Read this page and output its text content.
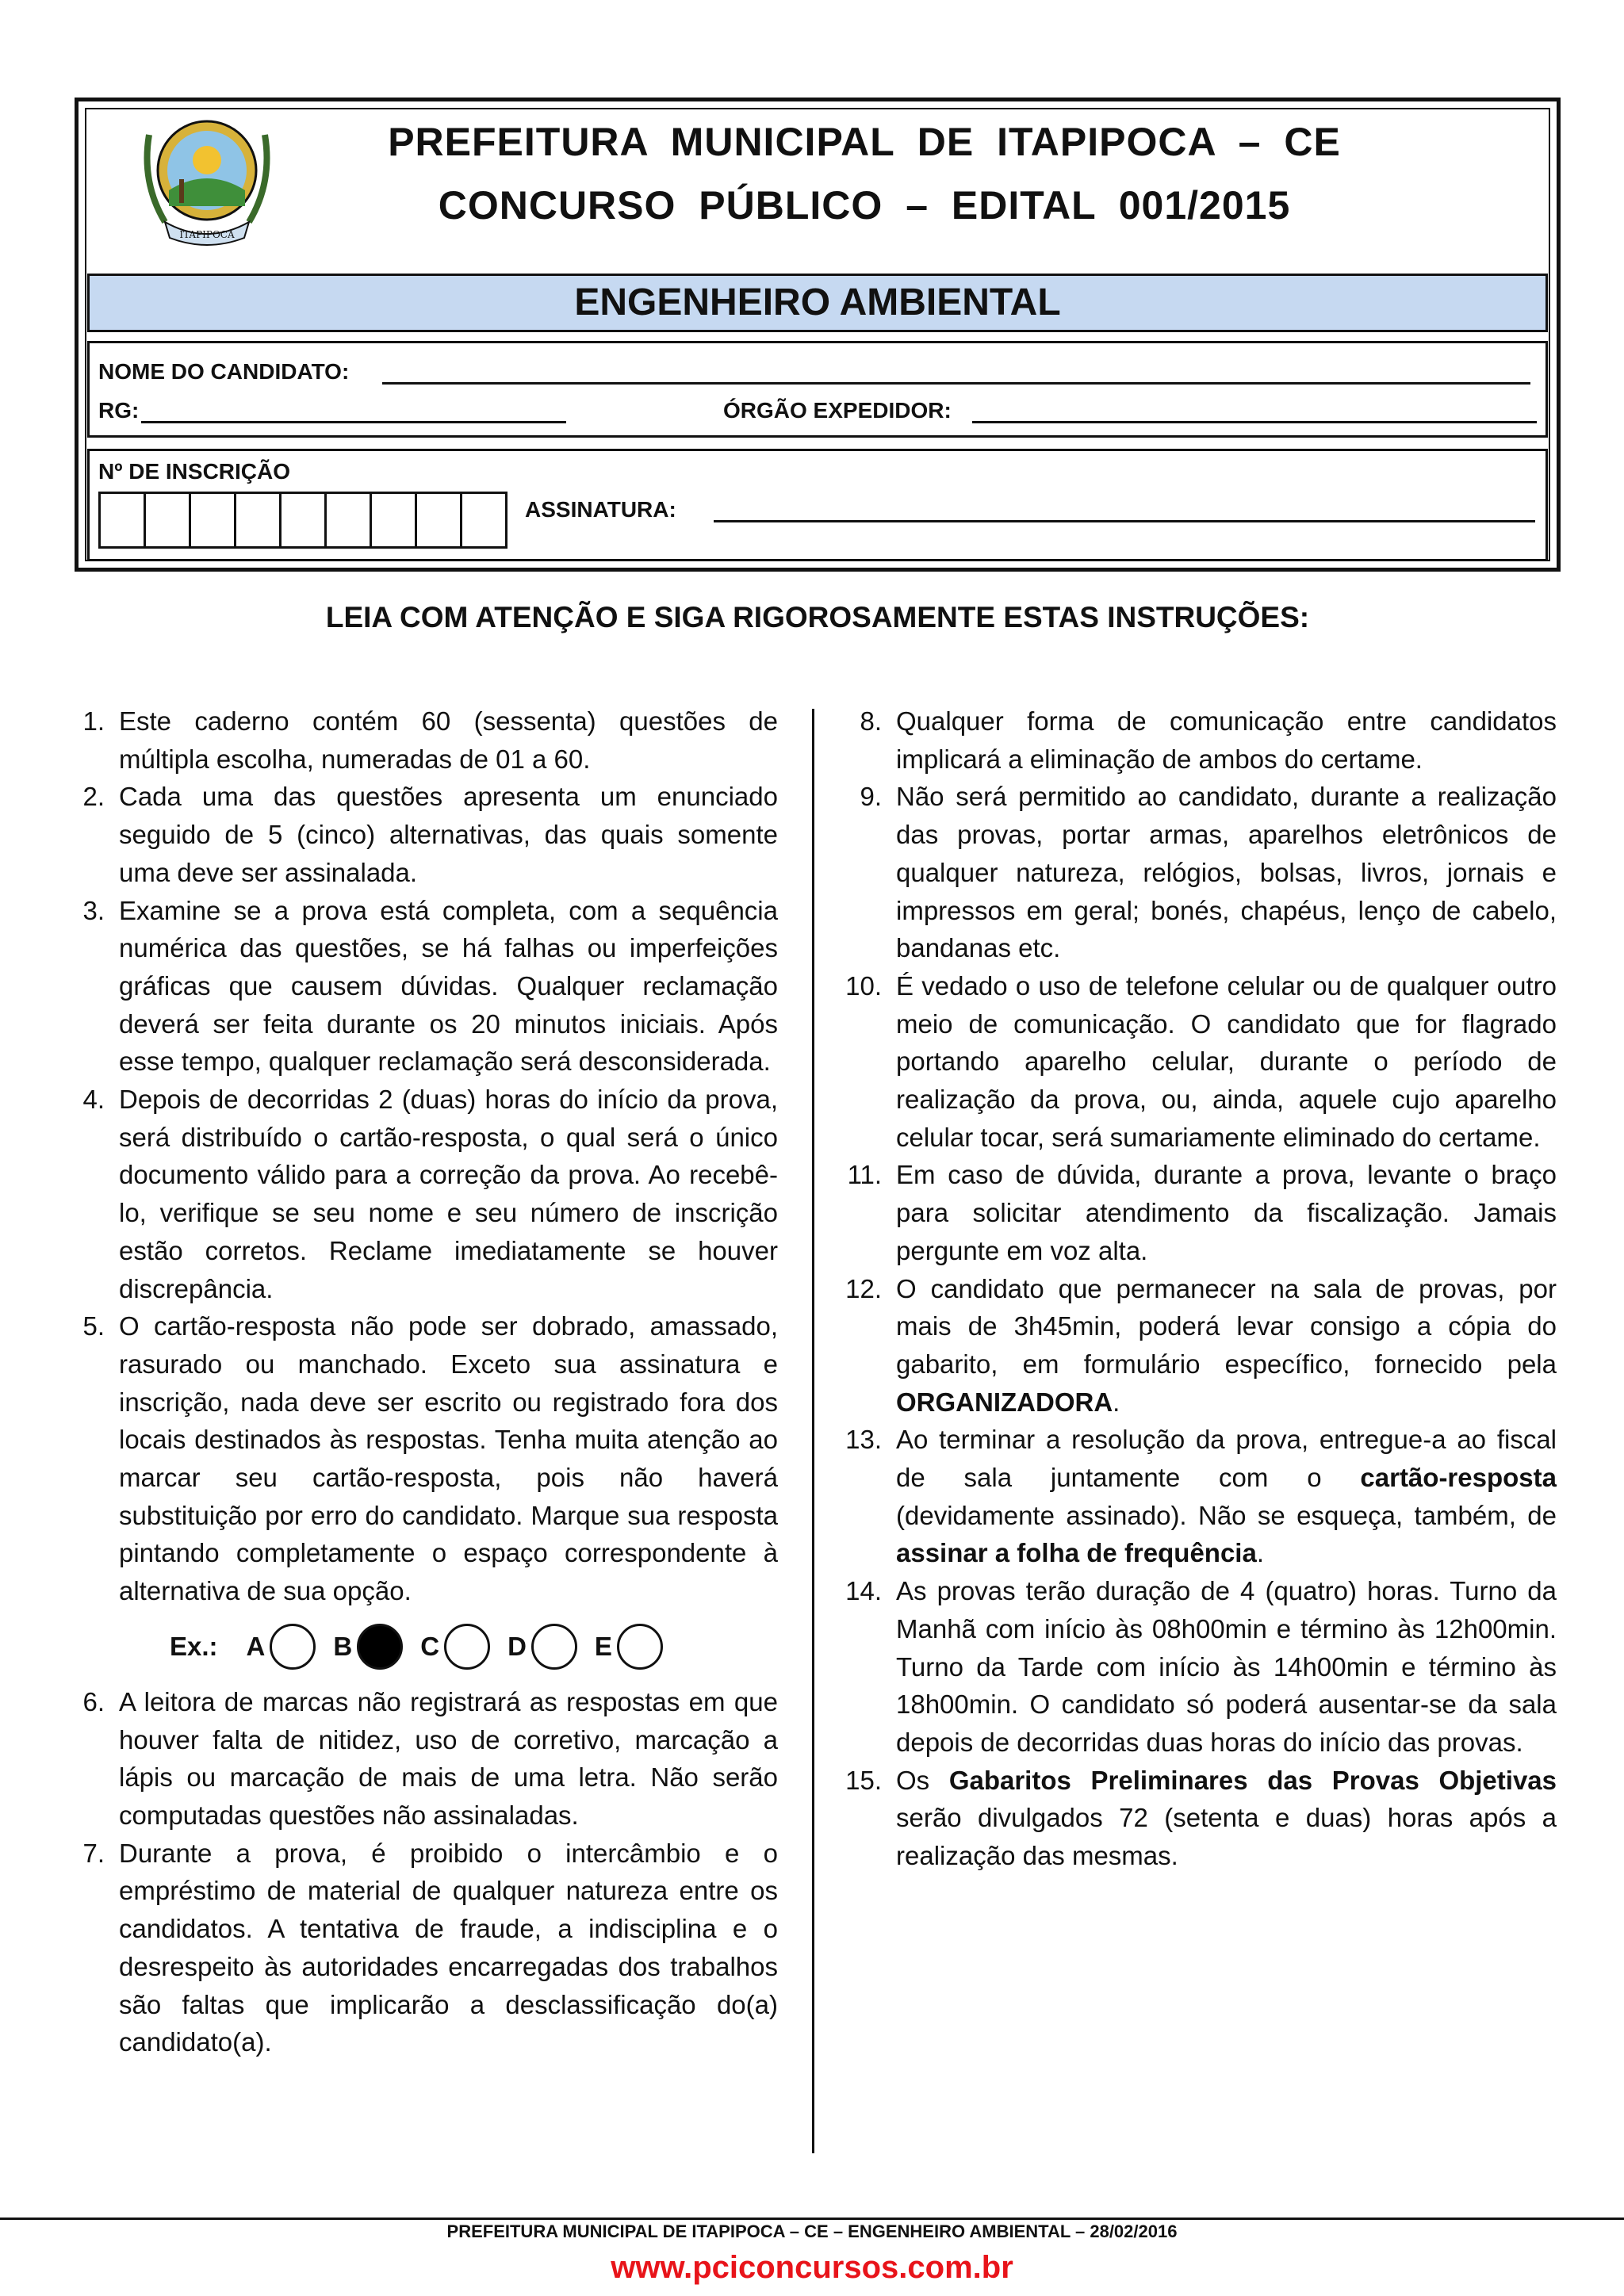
ITAPIPOCA
PREFEITURA MUNICIPAL DE ITAPIPOCA – CE
CONCURSO PÚBLICO – EDITAL 001/2015
ENGENHEIRO AMBIENTAL
NOME DO CANDIDATO:
RG:	ÓRGÃO EXPEDIDOR:
Nº DE INSCRIÇÃO
ASSINATURA:
LEIA COM ATENÇÃO E SIGA RIGOROSAMENTE ESTAS INSTRUÇÕES:
1. Este caderno contém 60 (sessenta) questões de múltipla escolha, numeradas de 01 a 60.
2. Cada uma das questões apresenta um enunciado seguido de 5 (cinco) alternativas, das quais somente uma deve ser assinalada.
3. Examine se a prova está completa, com a sequência numérica das questões, se há falhas ou imperfeições gráficas que causem dúvidas. Qualquer reclamação deverá ser feita durante os 20 minutos iniciais. Após esse tempo, qualquer reclamação será desconsiderada.
4. Depois de decorridas 2 (duas) horas do início da prova, será distribuído o cartão-resposta, o qual será o único documento válido para a correção da prova. Ao recebê-lo, verifique se seu nome e seu número de inscrição estão corretos. Reclame imediatamente se houver discrepância.
5. O cartão-resposta não pode ser dobrado, amassado, rasurado ou manchado. Exceto sua assinatura e inscrição, nada deve ser escrito ou registrado fora dos locais destinados às respostas. Tenha muita atenção ao marcar seu cartão-resposta, pois não haverá substituição por erro do candidato. Marque sua resposta pintando completamente o espaço correspondente à alternativa de sua opção.
Ex.: A	B	C	D	E
6. A leitora de marcas não registrará as respostas em que houver falta de nitidez, uso de corretivo, marcação a lápis ou marcação de mais de uma letra. Não serão computadas questões não assinaladas.
7. Durante a prova, é proibido o intercâmbio e o empréstimo de material de qualquer natureza entre os candidatos. A tentativa de fraude, a indisciplina e o desrespeito às autoridades encarregadas dos trabalhos são faltas que implicarão a desclassificação do(a) candidato(a).
8. Qualquer forma de comunicação entre candidatos implicará a eliminação de ambos do certame.
9. Não será permitido ao candidato, durante a realização das provas, portar armas, aparelhos eletrônicos de qualquer natureza, relógios, bolsas, livros, jornais e impressos em geral; bonés, chapéus, lenço de cabelo, bandanas etc.
10. É vedado o uso de telefone celular ou de qualquer outro meio de comunicação. O candidato que for flagrado portando aparelho celular, durante o período de realização da prova, ou, ainda, aquele cujo aparelho celular tocar, será sumariamente eliminado do certame.
11. Em caso de dúvida, durante a prova, levante o braço para solicitar atendimento da fiscalização. Jamais pergunte em voz alta.
12. O candidato que permanecer na sala de provas, por mais de 3h45min, poderá levar consigo a cópia do gabarito, em formulário específico, fornecido pela ORGANIZADORA.
13. Ao terminar a resolução da prova, entregue-a ao fiscal de sala juntamente com o cartão-resposta (devidamente assinado). Não se esqueça, também, de assinar a folha de frequência.
14. As provas terão duração de 4 (quatro) horas. Turno da Manhã com início às 08h00min e término às 12h00min. Turno da Tarde com início às 14h00min e término às 18h00min. O candidato só poderá ausentar-se da sala depois de decorridas duas horas do início das provas.
15. Os Gabaritos Preliminares das Provas Objetivas serão divulgados 72 (setenta e duas) horas após a realização das mesmas.
PREFEITURA MUNICIPAL DE ITAPIPOCA – CE – ENGENHEIRO AMBIENTAL – 28/02/2016
www.pciconcursos.com.br
